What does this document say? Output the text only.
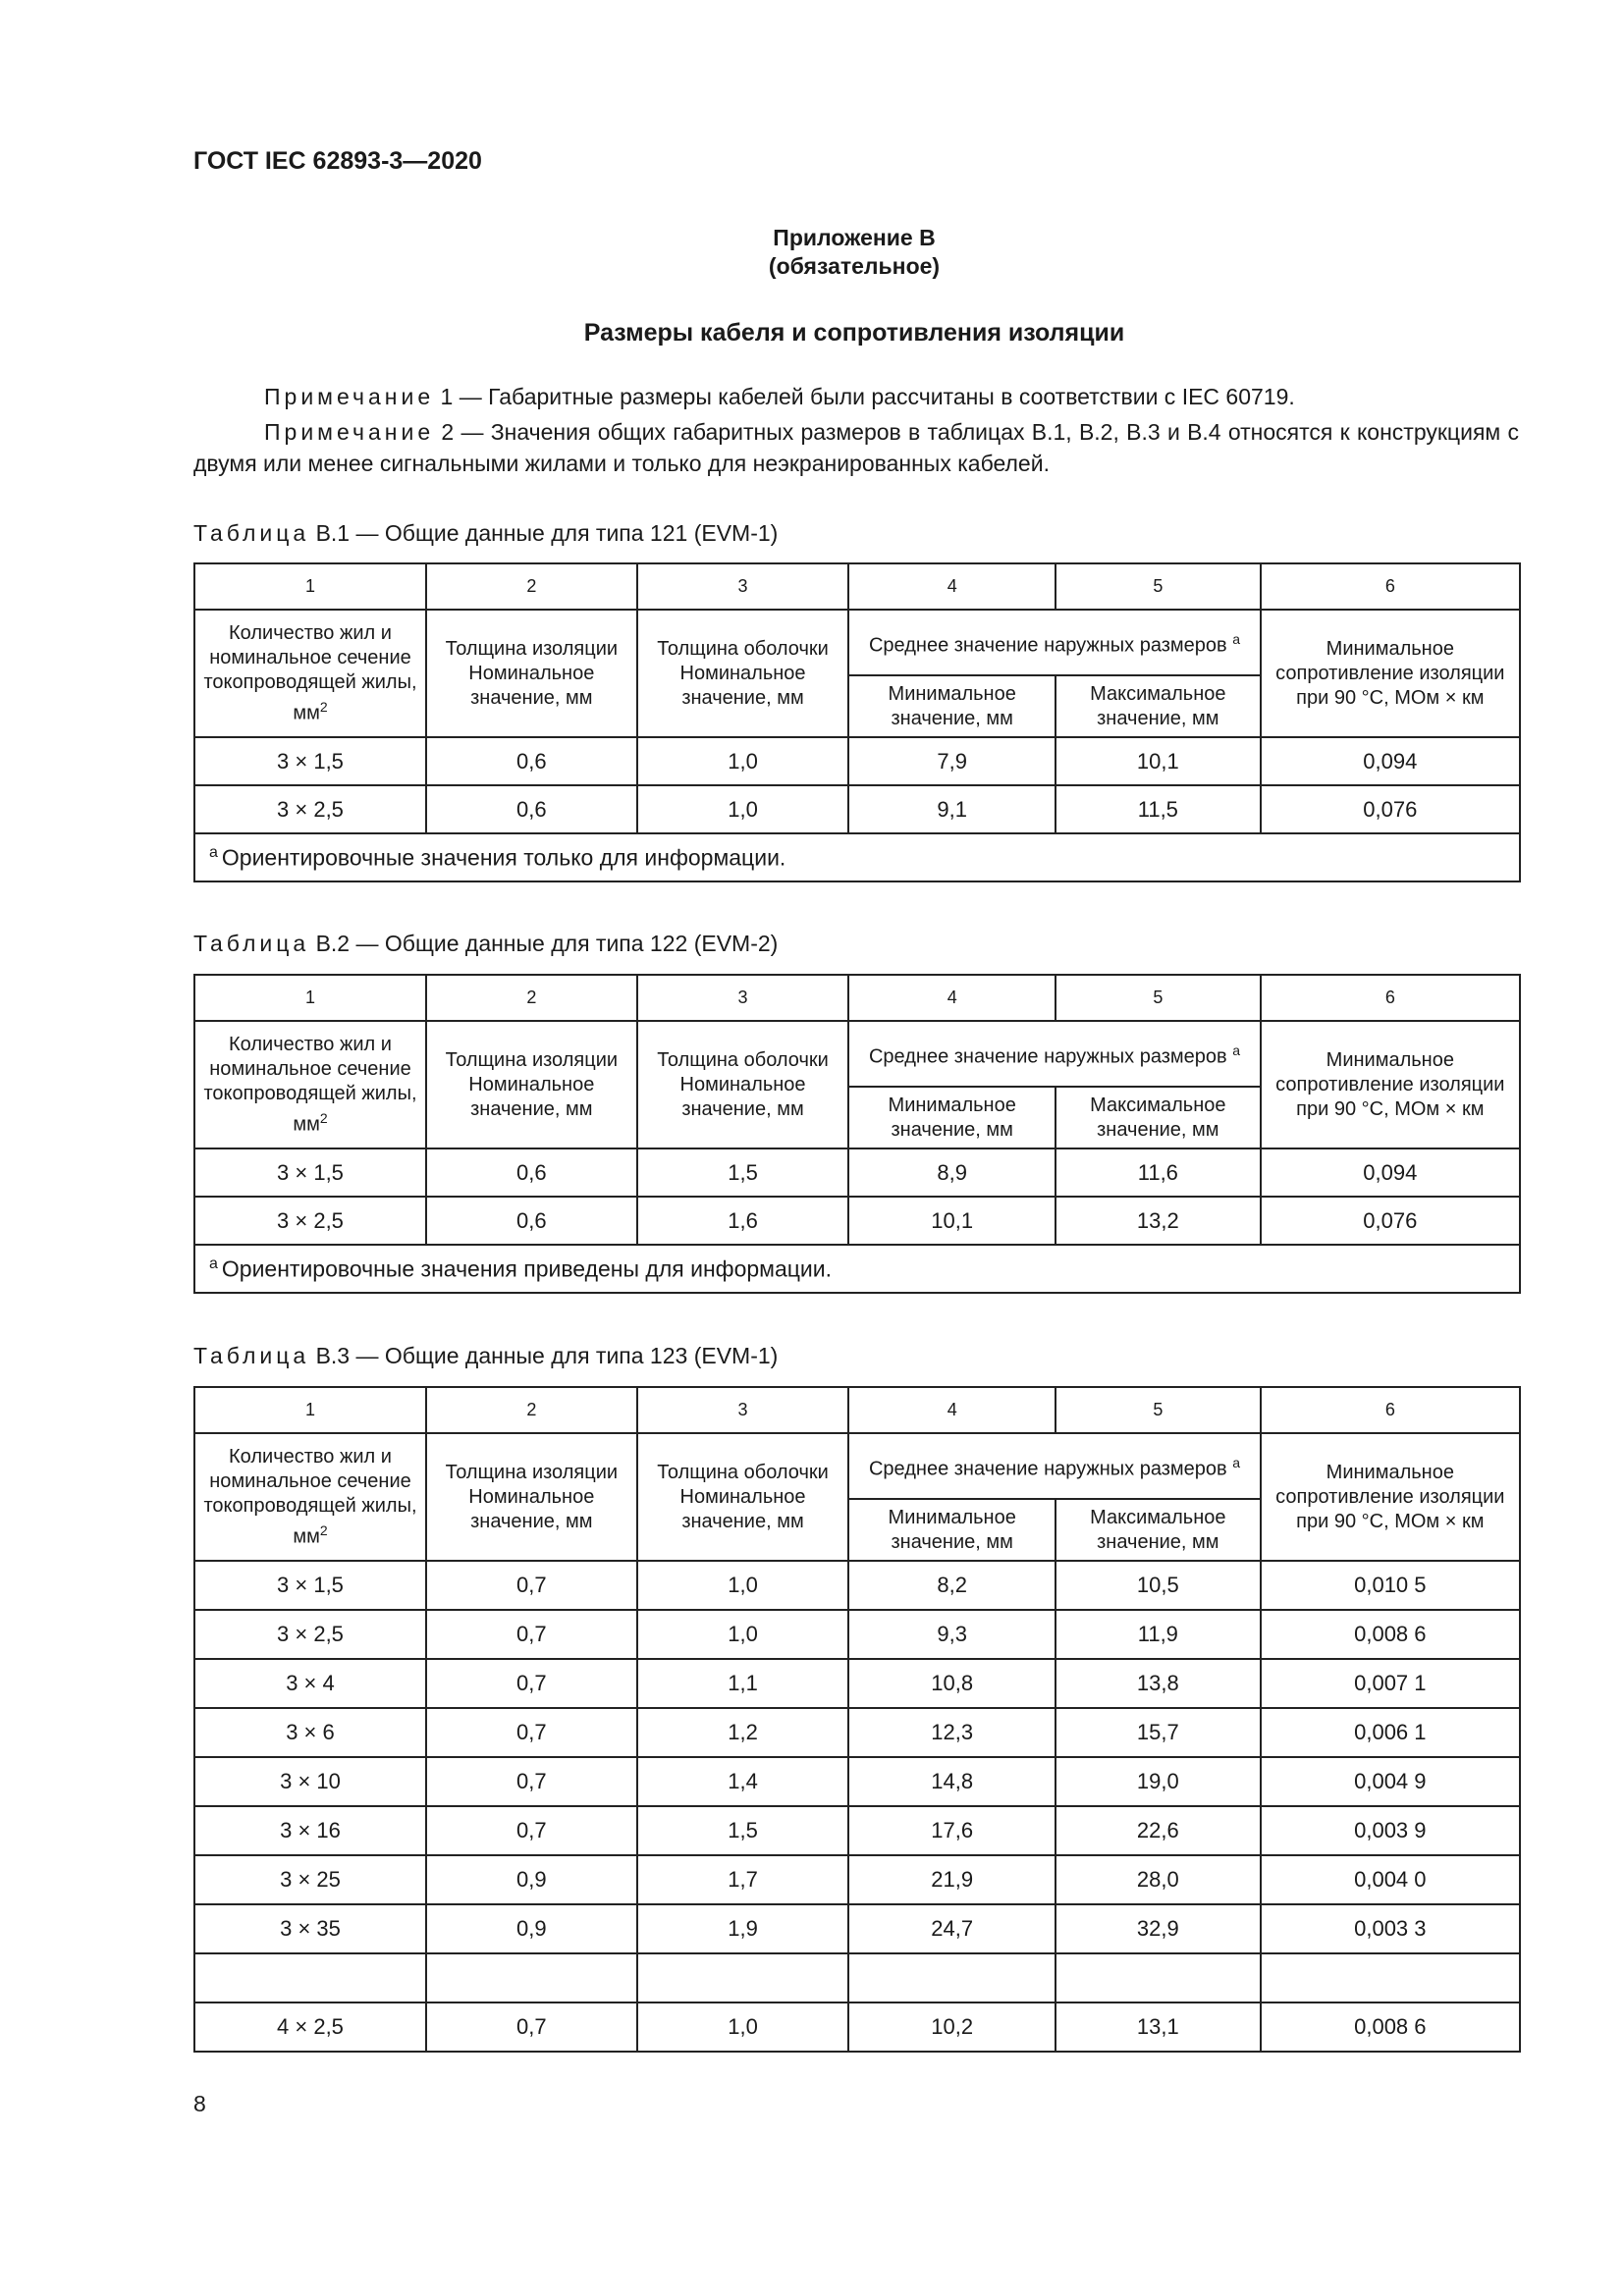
ГОСТ IEC 62893-3—2020
Приложение В
(обязательное)
Размеры кабеля и сопротивления изоляции

Примечание 1 — Габаритные размеры кабелей были рассчитаны в соответствии с IEC 60719.

Примечание 2 — Значения общих габаритных размеров в таблицах В.1, В.2, В.3 и В.4 относятся к конструкциям с двумя или менее сигнальными жилами и только для неэкранированных кабелей.

Таблица В.1 — Общие данные для типа 121 (EVM-1)
1	2	3	4	5	6
Количество жил и номинальное сечение токопроводящей жилы, $мм^2$	Толщина изоляции Номинальное значение, мм	Толщина оболочки Номинальное значение, мм	Среднее значение наружных размеров $^a$		Минимальное сопротивление изоляции при 90 °C, МОм × км
			Минимальное значение, мм	Максимальное значение, мм	
3 × 1,5	0,6	1,0	7,9	10,1	0,094
3 × 2,5	0,6	1,0	9,1	11,5	0,076
$^a$ Ориентировочные значения только для информации.					
Таблица В.2 — Общие данные для типа 122 (EVM-2)
1	2	3	4	5	6
Количество жил и номинальное сечение токопроводящей жилы, $мм^2$	Толщина изоляции Номинальное значение, мм	Толщина оболочки Номинальное значение, мм	Среднее значение наружных размеров $^a$		Минимальное сопротивление изоляции при 90 °C, МОм × км
			Минимальное значение, мм	Максимальное значение, мм	
3 × 1,5	0,6	1,5	8,9	11,6	0,094
3 × 2,5	0,6	1,6	10,1	13,2	0,076
$^a$ Ориентировочные значения приведены для информации.					
Таблица В.3 — Общие данные для типа 123 (EVM-1)
1	2	3	4	5	6
Количество жил и номинальное сечение токопроводящей жилы, $мм^2$	Толщина изоляции Номинальное значение, мм	Толщина оболочки Номинальное значение, мм	Среднее значение наружных размеров $^a$		Минимальное сопротивление изоляции при 90 °C, МОм × км
			Минимальное значение, мм	Максимальное значение, мм	
3 × 1,5	0,7	1,0	8,2	10,5	0,010 5
3 × 2,5	0,7	1,0	9,3	11,9	0,008 6
3 × 4	0,7	1,1	10,8	13,8	0,007 1
3 × 6	0,7	1,2	12,3	15,7	0,006 1
3 × 10	0,7	1,4	14,8	19,0	0,004 9
3 × 16	0,7	1,5	17,6	22,6	0,003 9
3 × 25	0,9	1,7	21,9	28,0	0,004 0
3 × 35	0,9	1,9	24,7	32,9	0,003 3

4 × 2,5	0,7	1,0	10,2	13,1	0,008 6
8
